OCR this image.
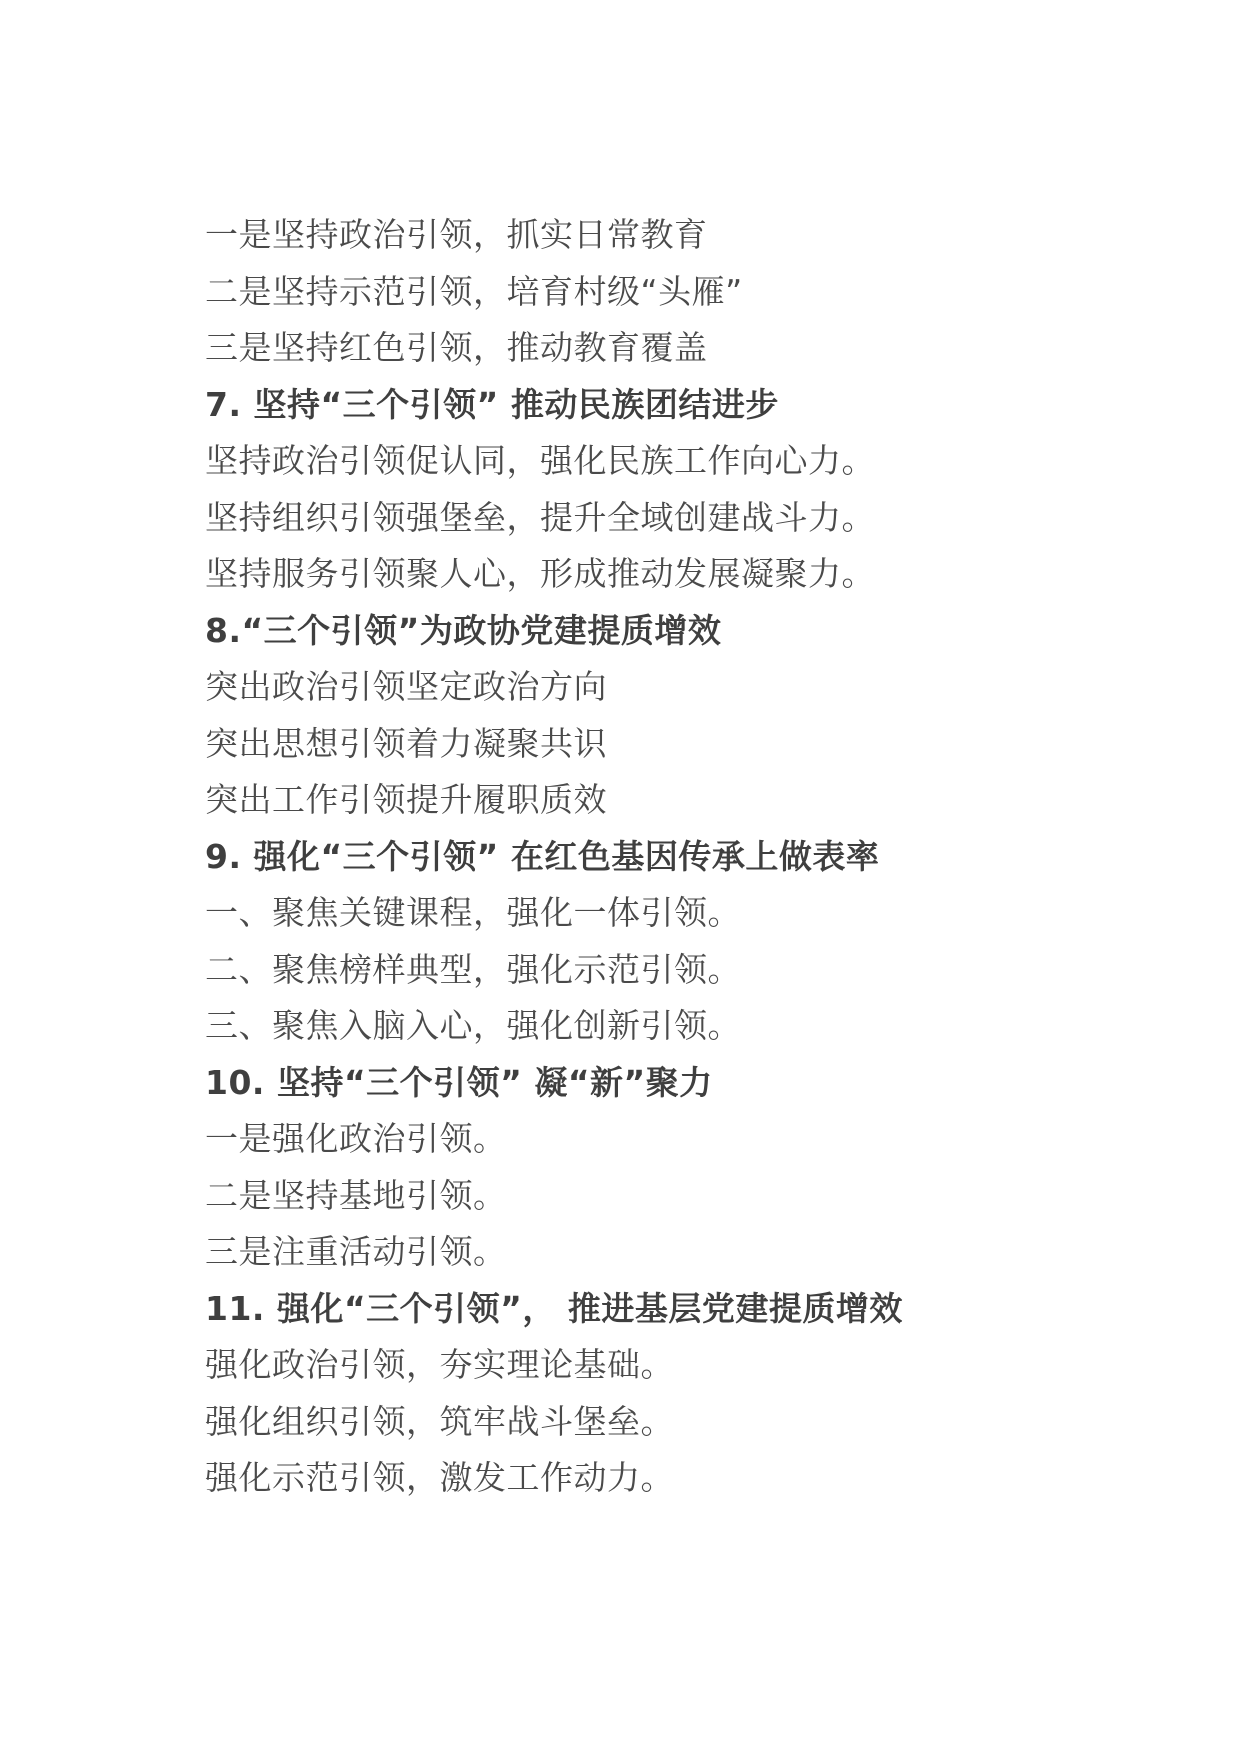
一是坚持政治引领，抓实日常教育
二是坚持示范引领，培育村级“头雁”
三是坚持红色引领，推动教育覆盖
7. 坚持“三个引领” 推动民族团结进步
坚持政治引领促认同，强化民族工作向心力。
坚持组织引领强堡垒，提升全域创建战斗力。
坚持服务引领聚人心，形成推动发展凝聚力。
8.“三个引领”为政协党建提质增效
突出政治引领坚定政治方向
突出思想引领着力凝聚共识
突出工作引领提升履职质效
9. 强化“三个引领” 在红色基因传承上做表率
一、聚焦关键课程，强化一体引领。
二、聚焦榜样典型，强化示范引领。
三、聚焦入脑入心，强化创新引领。
10. 坚持“三个引领” 凝“新”聚力
一是强化政治引领。
二是坚持基地引领。
三是注重活动引领。
11. 强化“三个引领”， 推进基层党建提质增效
强化政治引领，夯实理论基础。
强化组织引领，筑牢战斗堡垒。
强化示范引领，激发工作动力。
